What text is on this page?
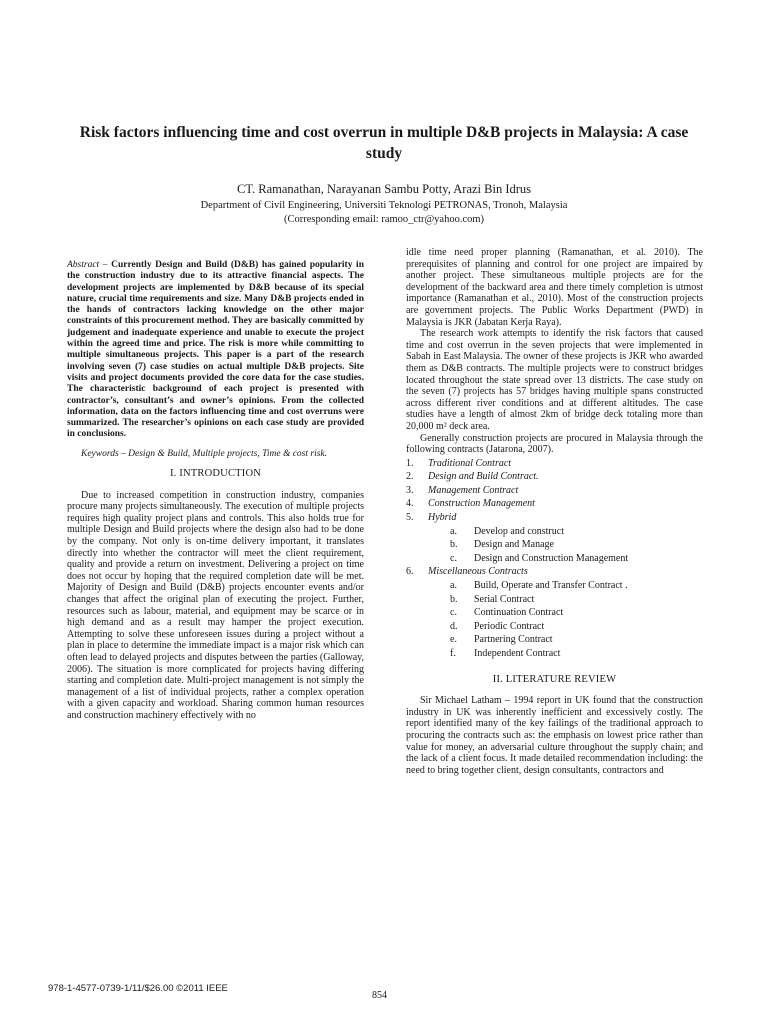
Risk factors influencing time and cost overrun in multiple D&B projects in Malaysia: A case study
CT. Ramanathan, Narayanan Sambu Potty, Arazi Bin Idrus
Department of Civil Engineering, Universiti Teknologi PETRONAS, Tronoh, Malaysia
(Corresponding email: ramoo_ctr@yahoo.com)

Abstract – Currently Design and Build (D&B) has gained popularity in the construction industry due to its attractive financial aspects. The development projects are implemented by D&B because of its special nature, crucial time requirements and size. Many D&B projects ended in the hands of contractors lacking knowledge on the other major constraints of this procurement method. They are basically committed by judgement and inadequate experience and unable to execute the project within the agreed time and price. The risk is more while committing to multiple simultaneous projects. This paper is a part of the research involving seven (7) case studies on actual multiple D&B projects. Site visits and project documents provided the core data for the case studies. The characteristic background of each project is presented with contractor’s, consultant’s and owner’s opinions. From the collected information, data on the factors influencing time and cost overruns were summarized. The researcher’s opinions on each case study are provided in conclusions.

Keywords – Design & Build, Multiple projects, Time & cost risk.

I. INTRODUCTION

Due to increased competition in construction industry, companies procure many projects simultaneously. The execution of multiple projects requires high quality project plans and controls. This also holds true for multiple Design and Build projects where the design also had to be done by the company. Not only is on-time delivery important, it translates directly into whether the contractor will meet the client requirement, quality and provide a return on investment. Delivering a project on time does not occur by hoping that the required completion date will be met. Majority of Design and Build (D&B) projects encounter events and/or changes that affect the original plan of executing the project. Further, resources such as labour, material, and equipment may be scarce or in high demand and as a result may hamper the project execution. Attempting to solve these unforeseen issues during a project without a plan in place to determine the immediate impact is a major risk which can often lead to delayed projects and disputes between the parties (Galloway, 2006). The situation is more complicated for projects having differing starting and completion date. Multi-project management is not simply the management of a list of individual projects, rather a complex operation with a given capacity and workload. Sharing common human resources and construction machinery effectively with no

idle time need proper planning (Ramanathan, et al. 2010). The prerequisites of planning and control for one project are impaired by another project. These simultaneous multiple projects are for the development of the backward area and there timely completion is utmost importance (Ramanathan et al., 2010). Most of the construction projects are government projects. The Public Works Department (PWD) in Malaysia is JKR (Jabatan Kerja Raya).

The research work attempts to identify the risk factors that caused time and cost overrun in the seven projects that were implemented in Sabah in East Malaysia. The owner of these projects is JKR who awarded them as D&B contracts. The multiple projects were to construct bridges located throughout the state spread over 13 districts. The case study on the seven (7) projects has 57 bridges having multiple spans constructed across different river conditions and at different altitudes. The case studies have a length of almost 2km of bridge deck totaling more than 20,000 m² deck area.

Generally construction projects are procured in Malaysia through the following contracts (Jatarona, 2007).

1. Traditional Contract
2. Design and Build Contract.
3. Management Contract
4. Construction Management
5. Hybrid
a. Develop and construct
b. Design and Manage
c. Design and Construction Management
6. Miscellaneous Contracts
a. Build, Operate and Transfer Contract .
b. Serial Contract
c. Continuation Contract
d. Periodic Contract
e. Partnering Contract
f. Independent Contract

II. LITERATURE REVIEW

Sir Michael Latham – 1994 report in UK found that the construction industry in UK was inherently inefficient and excessively costly. The report identified many of the key failings of the traditional approach to procuring the contracts such as: the emphasis on lowest price rather than value for money, an adversarial culture throughout the supply chain; and the lack of a client focus. It made detailed recommendation including: the need to bring together client, design consultants, contractors and

978-1-4577-0739-1/11/$26.00 ©2011 IEEE
854
